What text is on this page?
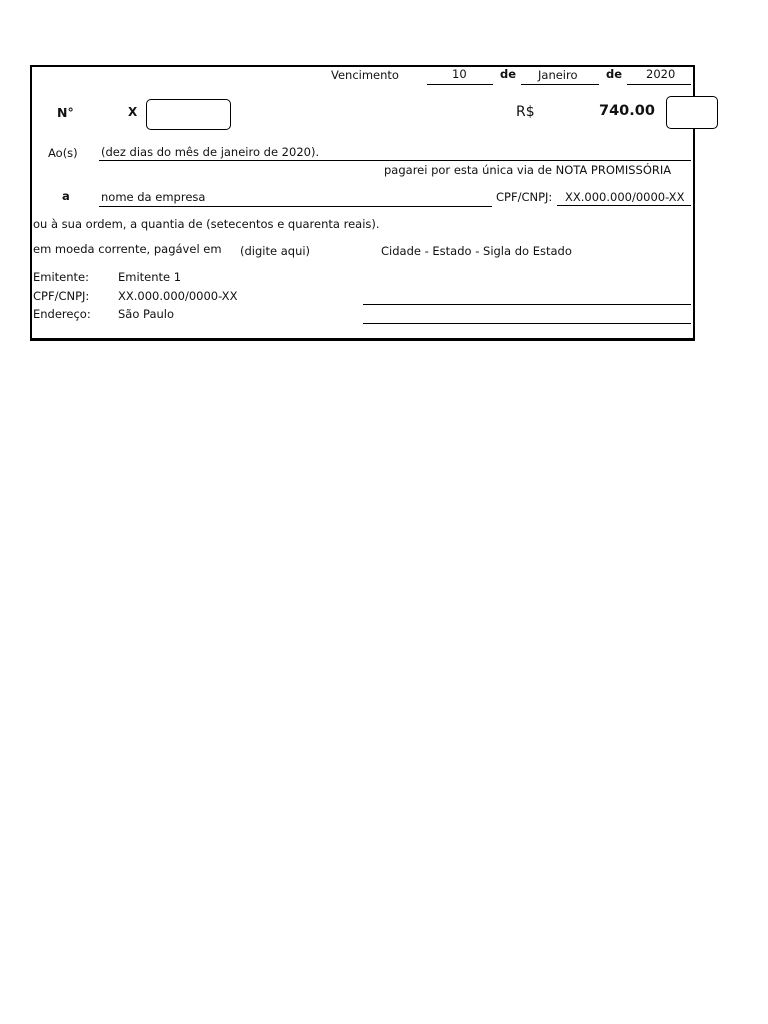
Vencimento	10	de Janeiro de 2020
N°	X	R$	740.00
Ao(s) (dez dias do mês de janeiro de 2020).
pagarei por esta única via de NOTA PROMISSÓRIA
a	nome da empresa	CPF/CNPJ: XX.000.000/0000-XX
ou à sua ordem, a quantia de (setecentos e quarenta reais).
em moeda corrente, pagável em (digite aqui)	Cidade - Estado - Sigla do Estado
Emitente:	Emitente 1
CPF/CNPJ: XX.000.000/0000-XX
Endereço: São Paulo
